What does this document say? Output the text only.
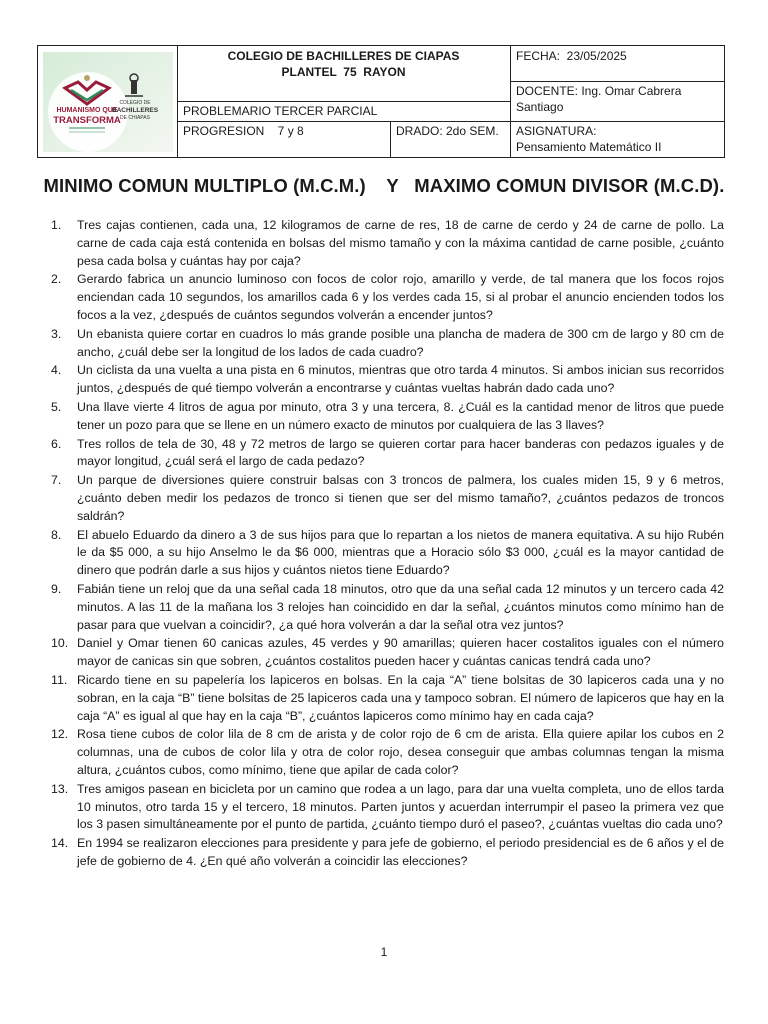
HUMANISMO QUE
TRANSFORMA
COLEGIO DE
BACHILLERES
DE CHIAPAS
COLEGIO DE BACHILLERES DE CIAPAS
PLANTEL  75  RAYON
PROBLEMARIO TERCER PARCIAL
PROGRESION    7 y 8	DRADO: 2do SEM.
FECHA:  23/05/2025
DOCENTE: Ing. Omar Cabrera Santiago
ASIGNATURA:
Pensamiento Matemático II
MINIMO COMUN MULTIPLO (M.C.M.)    Y   MAXIMO COMUN DIVISOR (M.C.D).
1. Tres cajas contienen, cada una, 12 kilogramos de carne de res, 18 de carne de cerdo y 24 de carne de pollo. La carne de cada caja está contenida en bolsas del mismo tamaño y con la máxima cantidad de carne posible, ¿cuánto pesa cada bolsa y cuántas hay por caja?
2. Gerardo fabrica un anuncio luminoso con focos de color rojo, amarillo y verde, de tal manera que los focos rojos enciendan cada 10 segundos, los amarillos cada 6 y los verdes cada 15, si al probar el anuncio encienden todos los focos a la vez, ¿después de cuántos segundos volverán a encender juntos?
3. Un ebanista quiere cortar en cuadros lo más grande posible una plancha de madera de 300 cm de largo y 80 cm de ancho, ¿cuál debe ser la longitud de los lados de cada cuadro?
4. Un ciclista da una vuelta a una pista en 6 minutos, mientras que otro tarda 4 minutos. Si ambos inician sus recorridos juntos, ¿después de qué tiempo volverán a encontrarse y cuántas vueltas habrán dado cada uno?
5. Una llave vierte 4 litros de agua por minuto, otra 3 y una tercera, 8. ¿Cuál es la cantidad menor de litros que puede tener un pozo para que se llene en un número exacto de minutos por cualquiera de las 3 llaves?
6. Tres rollos de tela de 30, 48 y 72 metros de largo se quieren cortar para hacer banderas con pedazos iguales y de mayor longitud, ¿cuál será el largo de cada pedazo?
7. Un parque de diversiones quiere construir balsas con 3 troncos de palmera, los cuales miden 15, 9 y 6 metros, ¿cuánto deben medir los pedazos de tronco si tienen que ser del mismo tamaño?, ¿cuántos pedazos de troncos saldrán?
8. El abuelo Eduardo da dinero a 3 de sus hijos para que lo repartan a los nietos de manera equitativa. A su hijo Rubén le da $5 000, a su hijo Anselmo le da $6 000, mientras que a Horacio sólo $3 000, ¿cuál es la mayor cantidad de dinero que podrán darle a sus hijos y cuántos nietos tiene Eduardo?
9. Fabián tiene un reloj que da una señal cada 18 minutos, otro que da una señal cada 12 minutos y un tercero cada 42 minutos. A las 11 de la mañana los 3 relojes han coincidido en dar la señal, ¿cuántos minutos como mínimo han de pasar para que vuelvan a coincidir?, ¿a qué hora volverán a dar la señal otra vez juntos?
10. Daniel y Omar tienen 60 canicas azules, 45 verdes y 90 amarillas; quieren hacer costalitos iguales con el número mayor de canicas sin que sobren, ¿cuántos costalitos pueden hacer y cuántas canicas tendrá cada uno?
11. Ricardo tiene en su papelería los lapiceros en bolsas. En la caja “A” tiene bolsitas de 30 lapiceros cada una y no sobran, en la caja “B” tiene bolsitas de 25 lapiceros cada una y tampoco sobran. El número de lapiceros que hay en la caja “A” es igual al que hay en la caja “B”, ¿cuántos lapiceros como mínimo hay en cada caja?
12. Rosa tiene cubos de color lila de 8 cm de arista y de color rojo de 6 cm de arista. Ella quiere apilar los cubos en 2 columnas, una de cubos de color lila y otra de color rojo, desea conseguir que ambas columnas tengan la misma altura, ¿cuántos cubos, como mínimo, tiene que apilar de cada color?
13. Tres amigos pasean en bicicleta por un camino que rodea a un lago, para dar una vuelta completa, uno de ellos tarda 10 minutos, otro tarda 15 y el tercero, 18 minutos. Parten juntos y acuerdan interrumpir el paseo la primera vez que los 3 pasen simultáneamente por el punto de partida, ¿cuánto tiempo duró el paseo?, ¿cuántas vueltas dio cada uno?
14. En 1994 se realizaron elecciones para presidente y para jefe de gobierno, el periodo presidencial es de 6 años y el de jefe de gobierno de 4. ¿En qué año volverán a coincidir las elecciones?
1
